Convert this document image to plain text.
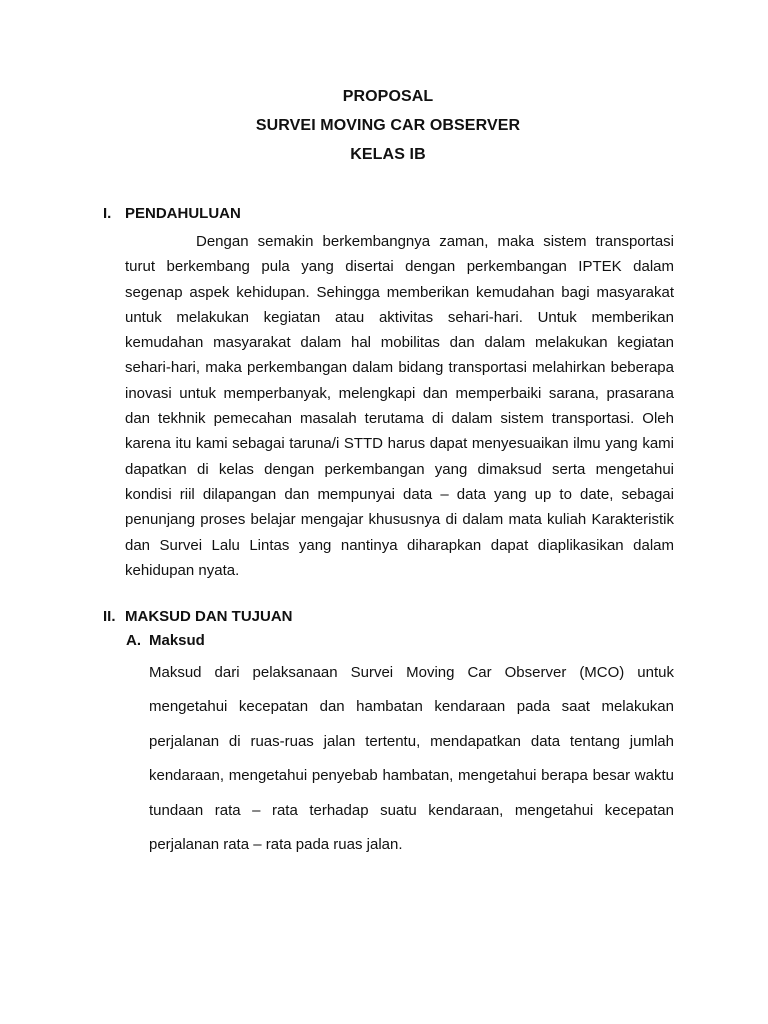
PROPOSAL
SURVEI MOVING CAR OBSERVER
KELAS IB
I. PENDAHULUAN

Dengan semakin berkembangnya zaman, maka sistem transportasi turut berkembang pula yang disertai dengan perkembangan IPTEK dalam segenap aspek kehidupan. Sehingga memberikan kemudahan bagi masyarakat untuk melakukan kegiatan atau aktivitas sehari-hari. Untuk memberikan kemudahan masyarakat dalam hal mobilitas dan dalam melakukan kegiatan sehari-hari, maka perkembangan dalam bidang transportasi melahirkan beberapa inovasi untuk memperbanyak, melengkapi dan memperbaiki sarana, prasarana dan tekhnik pemecahan masalah terutama di dalam sistem transportasi. Oleh karena itu kami sebagai taruna/i STTD harus dapat menyesuaikan ilmu yang kami dapatkan di kelas dengan perkembangan yang dimaksud serta mengetahui kondisi riil dilapangan dan mempunyai data – data yang up to date, sebagai penunjang proses belajar mengajar khususnya di dalam mata kuliah Karakteristik dan Survei Lalu Lintas yang nantinya diharapkan dapat diaplikasikan dalam kehidupan nyata.

II. MAKSUD DAN TUJUAN
A. Maksud

Maksud dari pelaksanaan Survei Moving Car Observer (MCO) untuk mengetahui kecepatan dan hambatan kendaraan pada saat melakukan perjalanan di ruas-ruas jalan tertentu, mendapatkan data tentang jumlah kendaraan, mengetahui penyebab hambatan, mengetahui berapa besar waktu tundaan rata – rata terhadap suatu kendaraan, mengetahui kecepatan perjalanan rata – rata pada ruas jalan.
